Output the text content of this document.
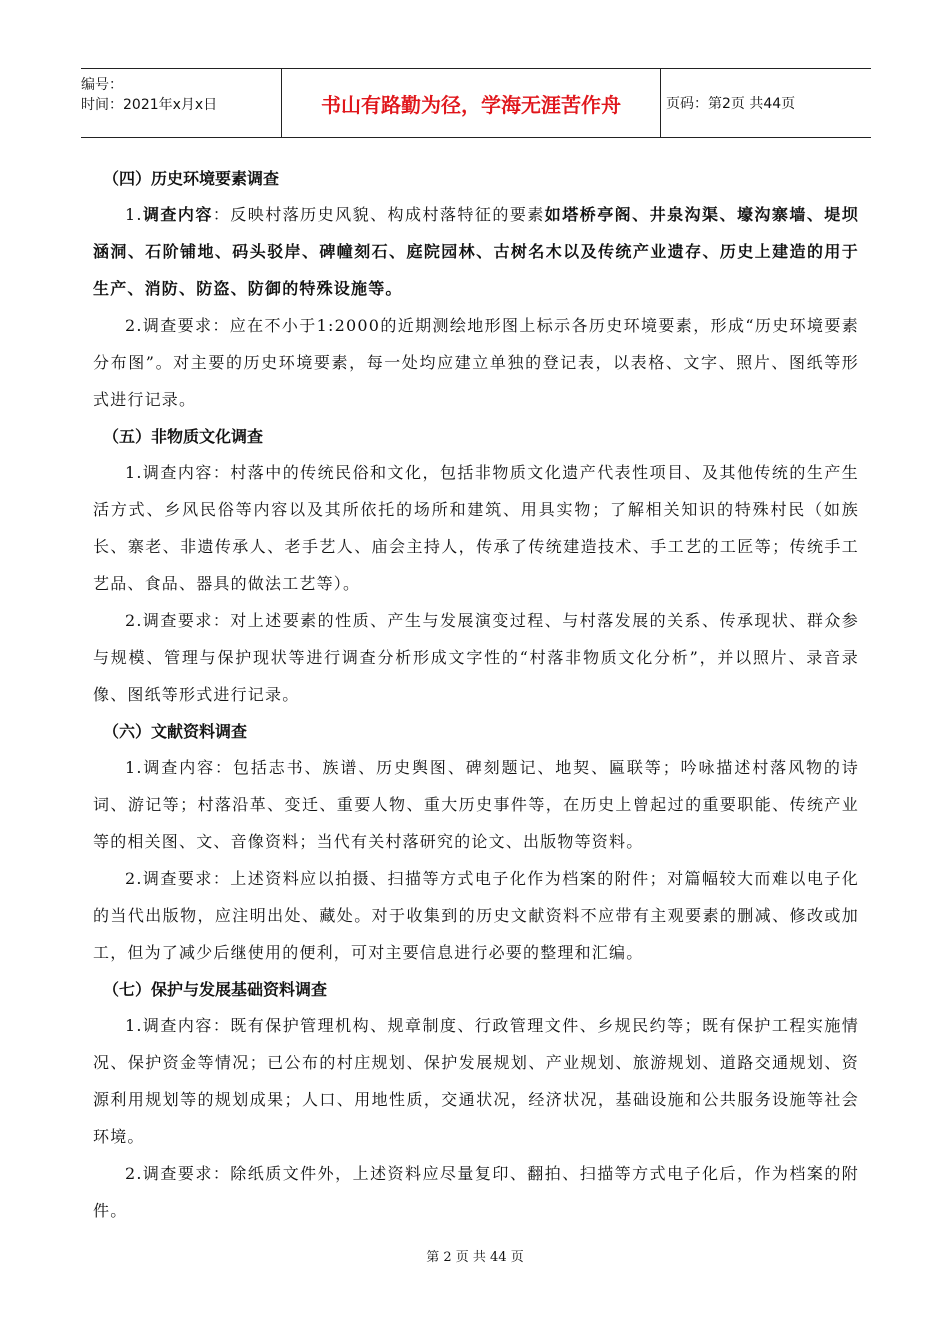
编号：
时间：2021年x月x日	书山有路勤为径，学海无涯苦作舟	页码：第2页 共44页
（四）历史环境要素调查

1.调查内容：反映村落历史风貌、构成村落特征的要素如塔桥亭阁、井泉沟渠、壕沟寨墙、堤坝涵洞、石阶铺地、码头驳岸、碑幢刻石、庭院园林、古树名木以及传统产业遗存、历史上建造的用于生产、消防、防盗、防御的特殊设施等。

2.调查要求：应在不小于1:2000的近期测绘地形图上标示各历史环境要素，形成“历史环境要素分布图”。对主要的历史环境要素，每一处均应建立单独的登记表，以表格、文字、照片、图纸等形式进行记录。

（五）非物质文化调查

1.调查内容：村落中的传统民俗和文化，包括非物质文化遗产代表性项目、及其他传统的生产生活方式、乡风民俗等内容以及其所依托的场所和建筑、用具实物；了解相关知识的特殊村民（如族长、寨老、非遗传承人、老手艺人、庙会主持人，传承了传统建造技术、手工艺的工匠等；传统手工艺品、食品、器具的做法工艺等）。

2.调查要求：对上述要素的性质、产生与发展演变过程、与村落发展的关系、传承现状、群众参与规模、管理与保护现状等进行调查分析形成文字性的“村落非物质文化分析”，并以照片、录音录像、图纸等形式进行记录。

（六）文献资料调查

1.调查内容：包括志书、族谱、历史舆图、碑刻题记、地契、匾联等；吟咏描述村落风物的诗词、游记等；村落沿革、变迁、重要人物、重大历史事件等，在历史上曾起过的重要职能、传统产业等的相关图、文、音像资料；当代有关村落研究的论文、出版物等资料。

2.调查要求：上述资料应以拍摄、扫描等方式电子化作为档案的附件；对篇幅较大而难以电子化的当代出版物，应注明出处、藏处。对于收集到的历史文献资料不应带有主观要素的删减、修改或加工，但为了减少后继使用的便利，可对主要信息进行必要的整理和汇编。

（七）保护与发展基础资料调查

1.调查内容：既有保护管理机构、规章制度、行政管理文件、乡规民约等；既有保护工程实施情况、保护资金等情况；已公布的村庄规划、保护发展规划、产业规划、旅游规划、道路交通规划、资源利用规划等的规划成果；人口、用地性质，交通状况，经济状况，基础设施和公共服务设施等社会环境。

2.调查要求：除纸质文件外，上述资料应尽量复印、翻拍、扫描等方式电子化后，作为档案的附件。

第 2 页 共 44 页
